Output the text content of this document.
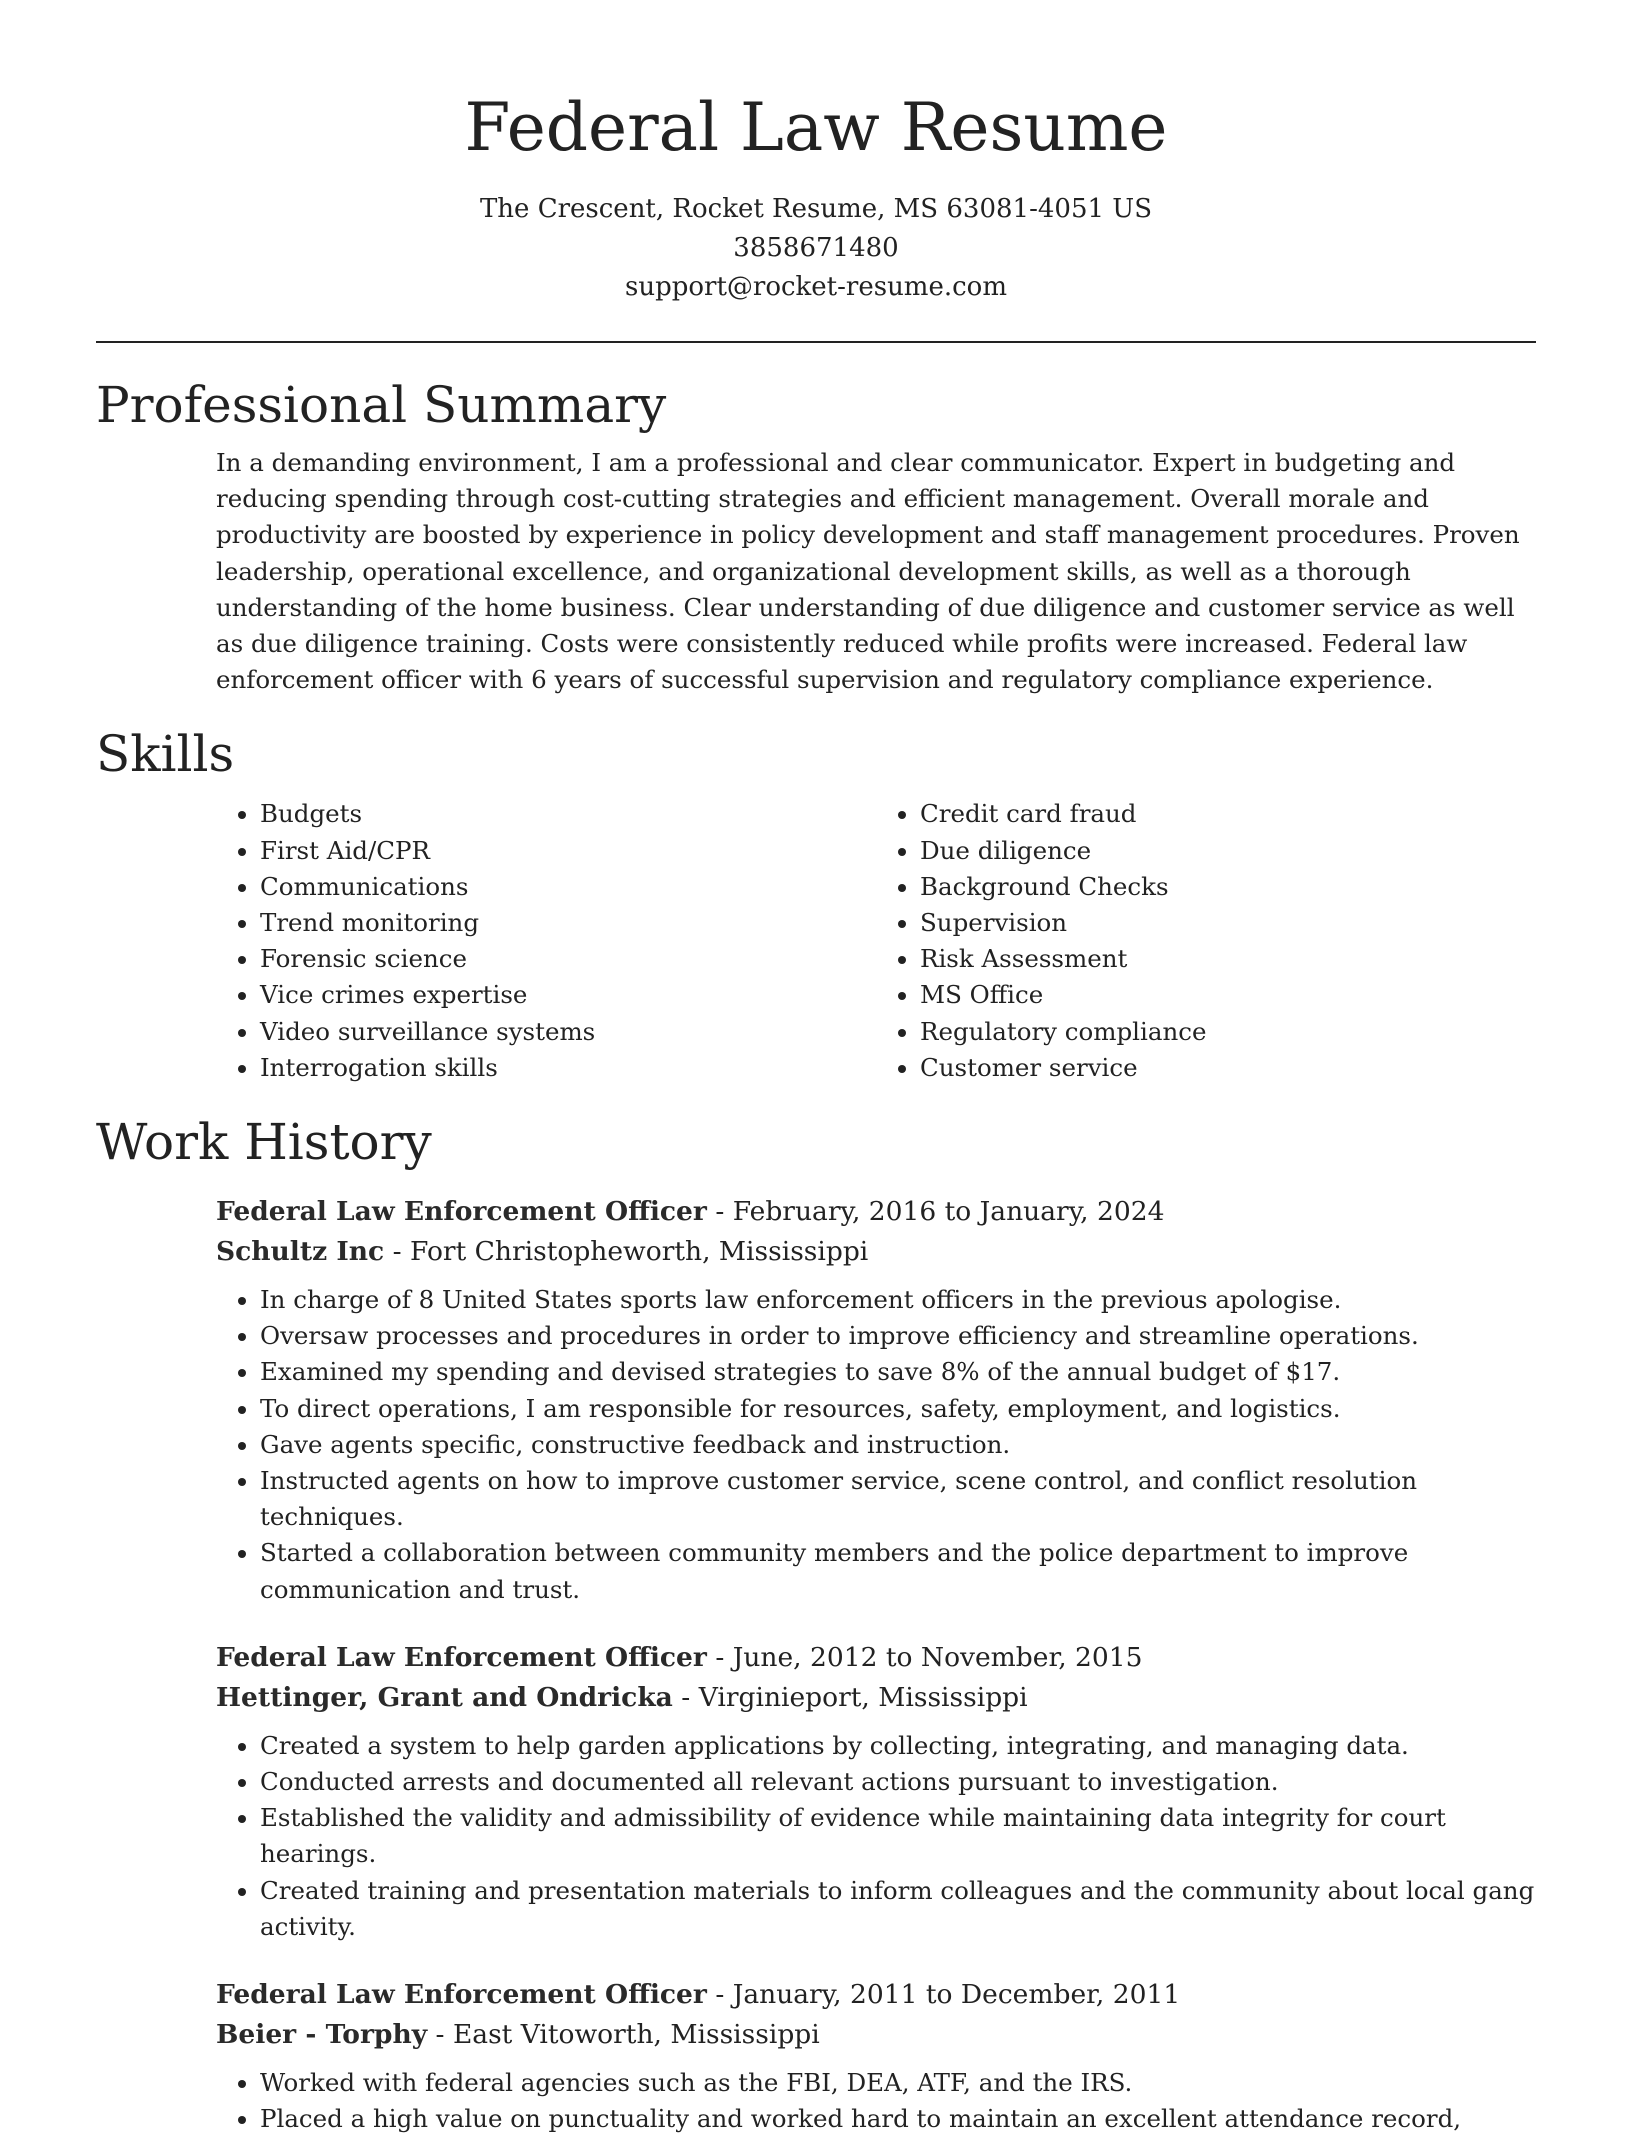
Federal Law Resume

The Crescent, Rocket Resume, MS 63081-4051 US

3858671480

support@rocket-resume.com

Professional Summary

In a demanding environment, I am a professional and clear communicator. Expert in budgeting and reducing spending through cost-cutting strategies and efficient management. Overall morale and productivity are boosted by experience in policy development and staff management procedures. Proven leadership, operational excellence, and organizational development skills, as well as a thorough understanding of the home business. Clear understanding of due diligence and customer service as well as due diligence training. Costs were consistently reduced while profits were increased. Federal law enforcement officer with 6 years of successful supervision and regulatory compliance experience.

Skills
• Budgets
• First Aid/CPR
• Communications
• Trend monitoring
• Forensic science
• Vice crimes expertise
• Video surveillance systems
• Interrogation skills
• Credit card fraud
• Due diligence
• Background Checks
• Supervision
• Risk Assessment
• MS Office
• Regulatory compliance
• Customer service
Work History

Federal Law Enforcement Officer - February, 2016 to January, 2024

Schultz Inc - Fort Christopheworth, Mississippi

• In charge of 8 United States sports law enforcement officers in the previous apologise.
• Oversaw processes and procedures in order to improve efficiency and streamline operations.
• Examined my spending and devised strategies to save 8% of the annual budget of $17.
• To direct operations, I am responsible for resources, safety, employment, and logistics.
• Gave agents specific, constructive feedback and instruction.
• Instructed agents on how to improve customer service, scene control, and conflict resolution techniques.
• Started a collaboration between community members and the police department to improve communication and trust.

Federal Law Enforcement Officer - June, 2012 to November, 2015

Hettinger, Grant and Ondricka - Virginieport, Mississippi

• Created a system to help garden applications by collecting, integrating, and managing data.
• Conducted arrests and documented all relevant actions pursuant to investigation.
• Established the validity and admissibility of evidence while maintaining data integrity for court hearings.
• Created training and presentation materials to inform colleagues and the community about local gang activity.

Federal Law Enforcement Officer - January, 2011 to December, 2011

Beier - Torphy - East Vitoworth, Mississippi

• Worked with federal agencies such as the FBI, DEA, ATF, and the IRS.
• Placed a high value on punctuality and worked hard to maintain an excellent attendance record,
